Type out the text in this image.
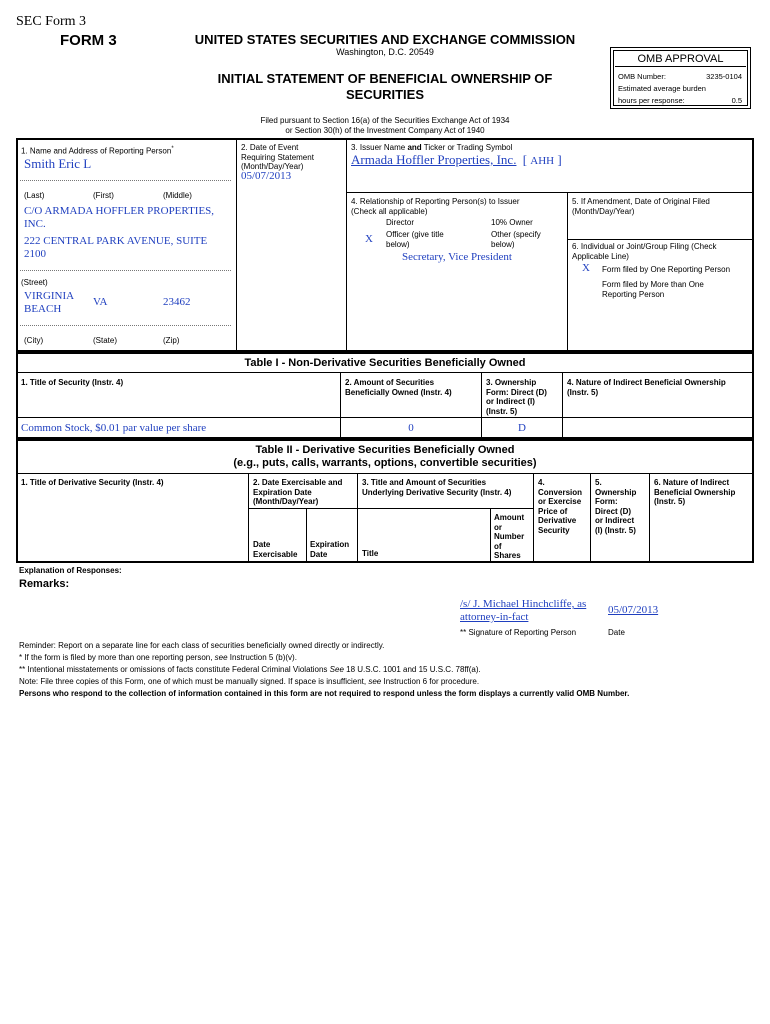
SEC Form 3
FORM 3	UNITED STATES SECURITIES AND EXCHANGE COMMISSION
Washington, D.C. 20549
INITIAL STATEMENT OF BENEFICIAL OWNERSHIP OF
SECURITIES
Filed pursuant to Section 16(a) of the Securities Exchange Act of 1934
or Section 30(h) of the Investment Company Act of 1940
OMB APPROVAL
OMB Number:	3235-0104
Estimated average burden
hours per response:	0.5
1. Name and Address of Reporting Person*
Smith Eric L
(Last)	(First)	(Middle)
C/O ARMADA HOFFLER PROPERTIES,
INC.
222 CENTRAL PARK AVENUE, SUITE
2100
(Street)
VIRGINIA
BEACH
VA	23462
(City)	(State)	(Zip)
2. Date of Event
Requiring Statement
(Month/Day/Year)
05/07/2013
3. Issuer Name and Ticker or Trading Symbol
Armada Hoffler Properties, Inc. [ AHH ]
4. Relationship of Reporting Person(s) to Issuer
(Check all applicable)
Director	10% Owner
X Officer (give title
below)
Other (specify
below)
Secretary, Vice President
5. If Amendment, Date of Original Filed
(Month/Day/Year)
6. Individual or Joint/Group Filing (Check
Applicable Line)
X Form filed by One Reporting Person
Form filed by More than One
Reporting Person
Table I - Non-Derivative Securities Beneficially Owned
1. Title of Security (Instr. 4)	2. Amount of Securities
Beneficially Owned (Instr. 4)
3. Ownership
Form: Direct (D)
or Indirect (I)
(Instr. 5)
4. Nature of Indirect Beneficial Ownership
(Instr. 5)
Common Stock, $0.01 par value per share	0	D
Table II - Derivative Securities Beneficially Owned
(e.g., puts, calls, warrants, options, convertible securities)
1. Title of Derivative Security (Instr. 4)	2. Date Exercisable and
Expiration Date
(Month/Day/Year)
3. Title and Amount of Securities
Underlying Derivative Security (Instr. 4)
4.
Conversion
or Exercise
Price of
Derivative
Security
5.
Ownership
Form:
Direct (D)
or Indirect
(I) (Instr. 5)
6. Nature of Indirect
Beneficial Ownership
(Instr. 5)
Date
Exercisable
Expiration
Date	Title
Amount
or
Number
of
Shares
Explanation of Responses:
Remarks:
/s/ J. Michael Hinchcliffe, as
attorney-in-fact
05/07/2013
** Signature of Reporting Person	Date
Reminder: Report on a separate line for each class of securities beneficially owned directly or indirectly.
* If the form is filed by more than one reporting person, see Instruction 5 (b)(v).
** Intentional misstatements or omissions of facts constitute Federal Criminal Violations See 18 U.S.C. 1001 and 15 U.S.C. 78ff(a).
Note: File three copies of this Form, one of which must be manually signed. If space is insufficient, see Instruction 6 for procedure.
Persons who respond to the collection of information contained in this form are not required to respond unless the form displays a currently valid OMB Number.
